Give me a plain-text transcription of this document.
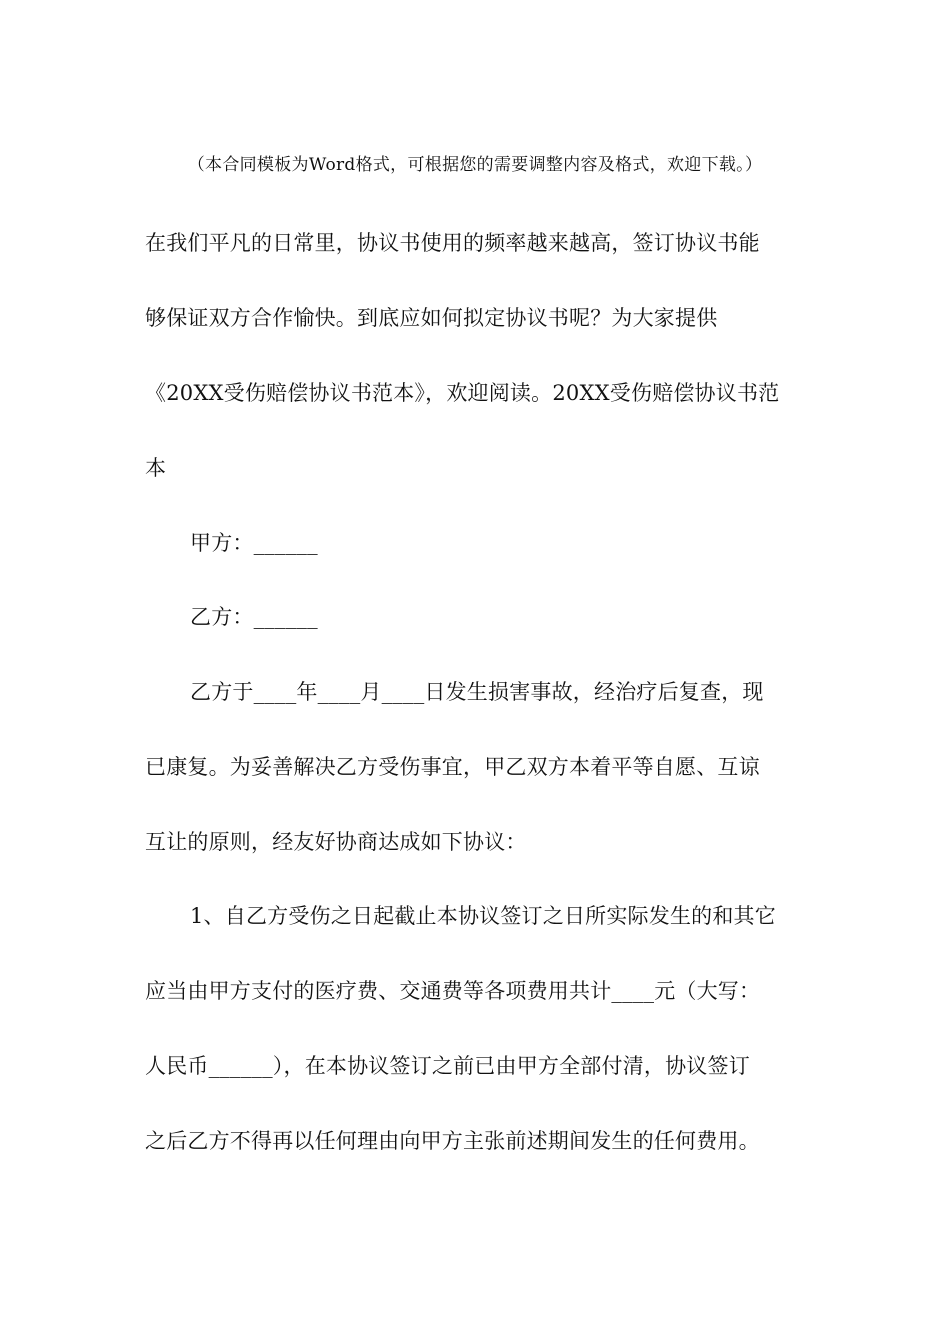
（本合同模板为Word格式，可根据您的需要调整内容及格式，欢迎下载。）
在我们平凡的日常里，协议书使用的频率越来越高，签订协议书能
够保证双方合作愉快。到底应如何拟定协议书呢？为大家提供
《20XX受伤赔偿协议书范本》，欢迎阅读。20XX受伤赔偿协议书范
本
甲方：______
乙方：______
乙方于____年____月____日发生损害事故，经治疗后复查，现
已康复。为妥善解决乙方受伤事宜，甲乙双方本着平等自愿、互谅
互让的原则，经友好协商达成如下协议：
1、自乙方受伤之日起截止本协议签订之日所实际发生的和其它
应当由甲方支付的医疗费、交通费等各项费用共计____元（大写：
人民币______），在本协议签订之前已由甲方全部付清，协议签订
之后乙方不得再以任何理由向甲方主张前述期间发生的任何费用。
